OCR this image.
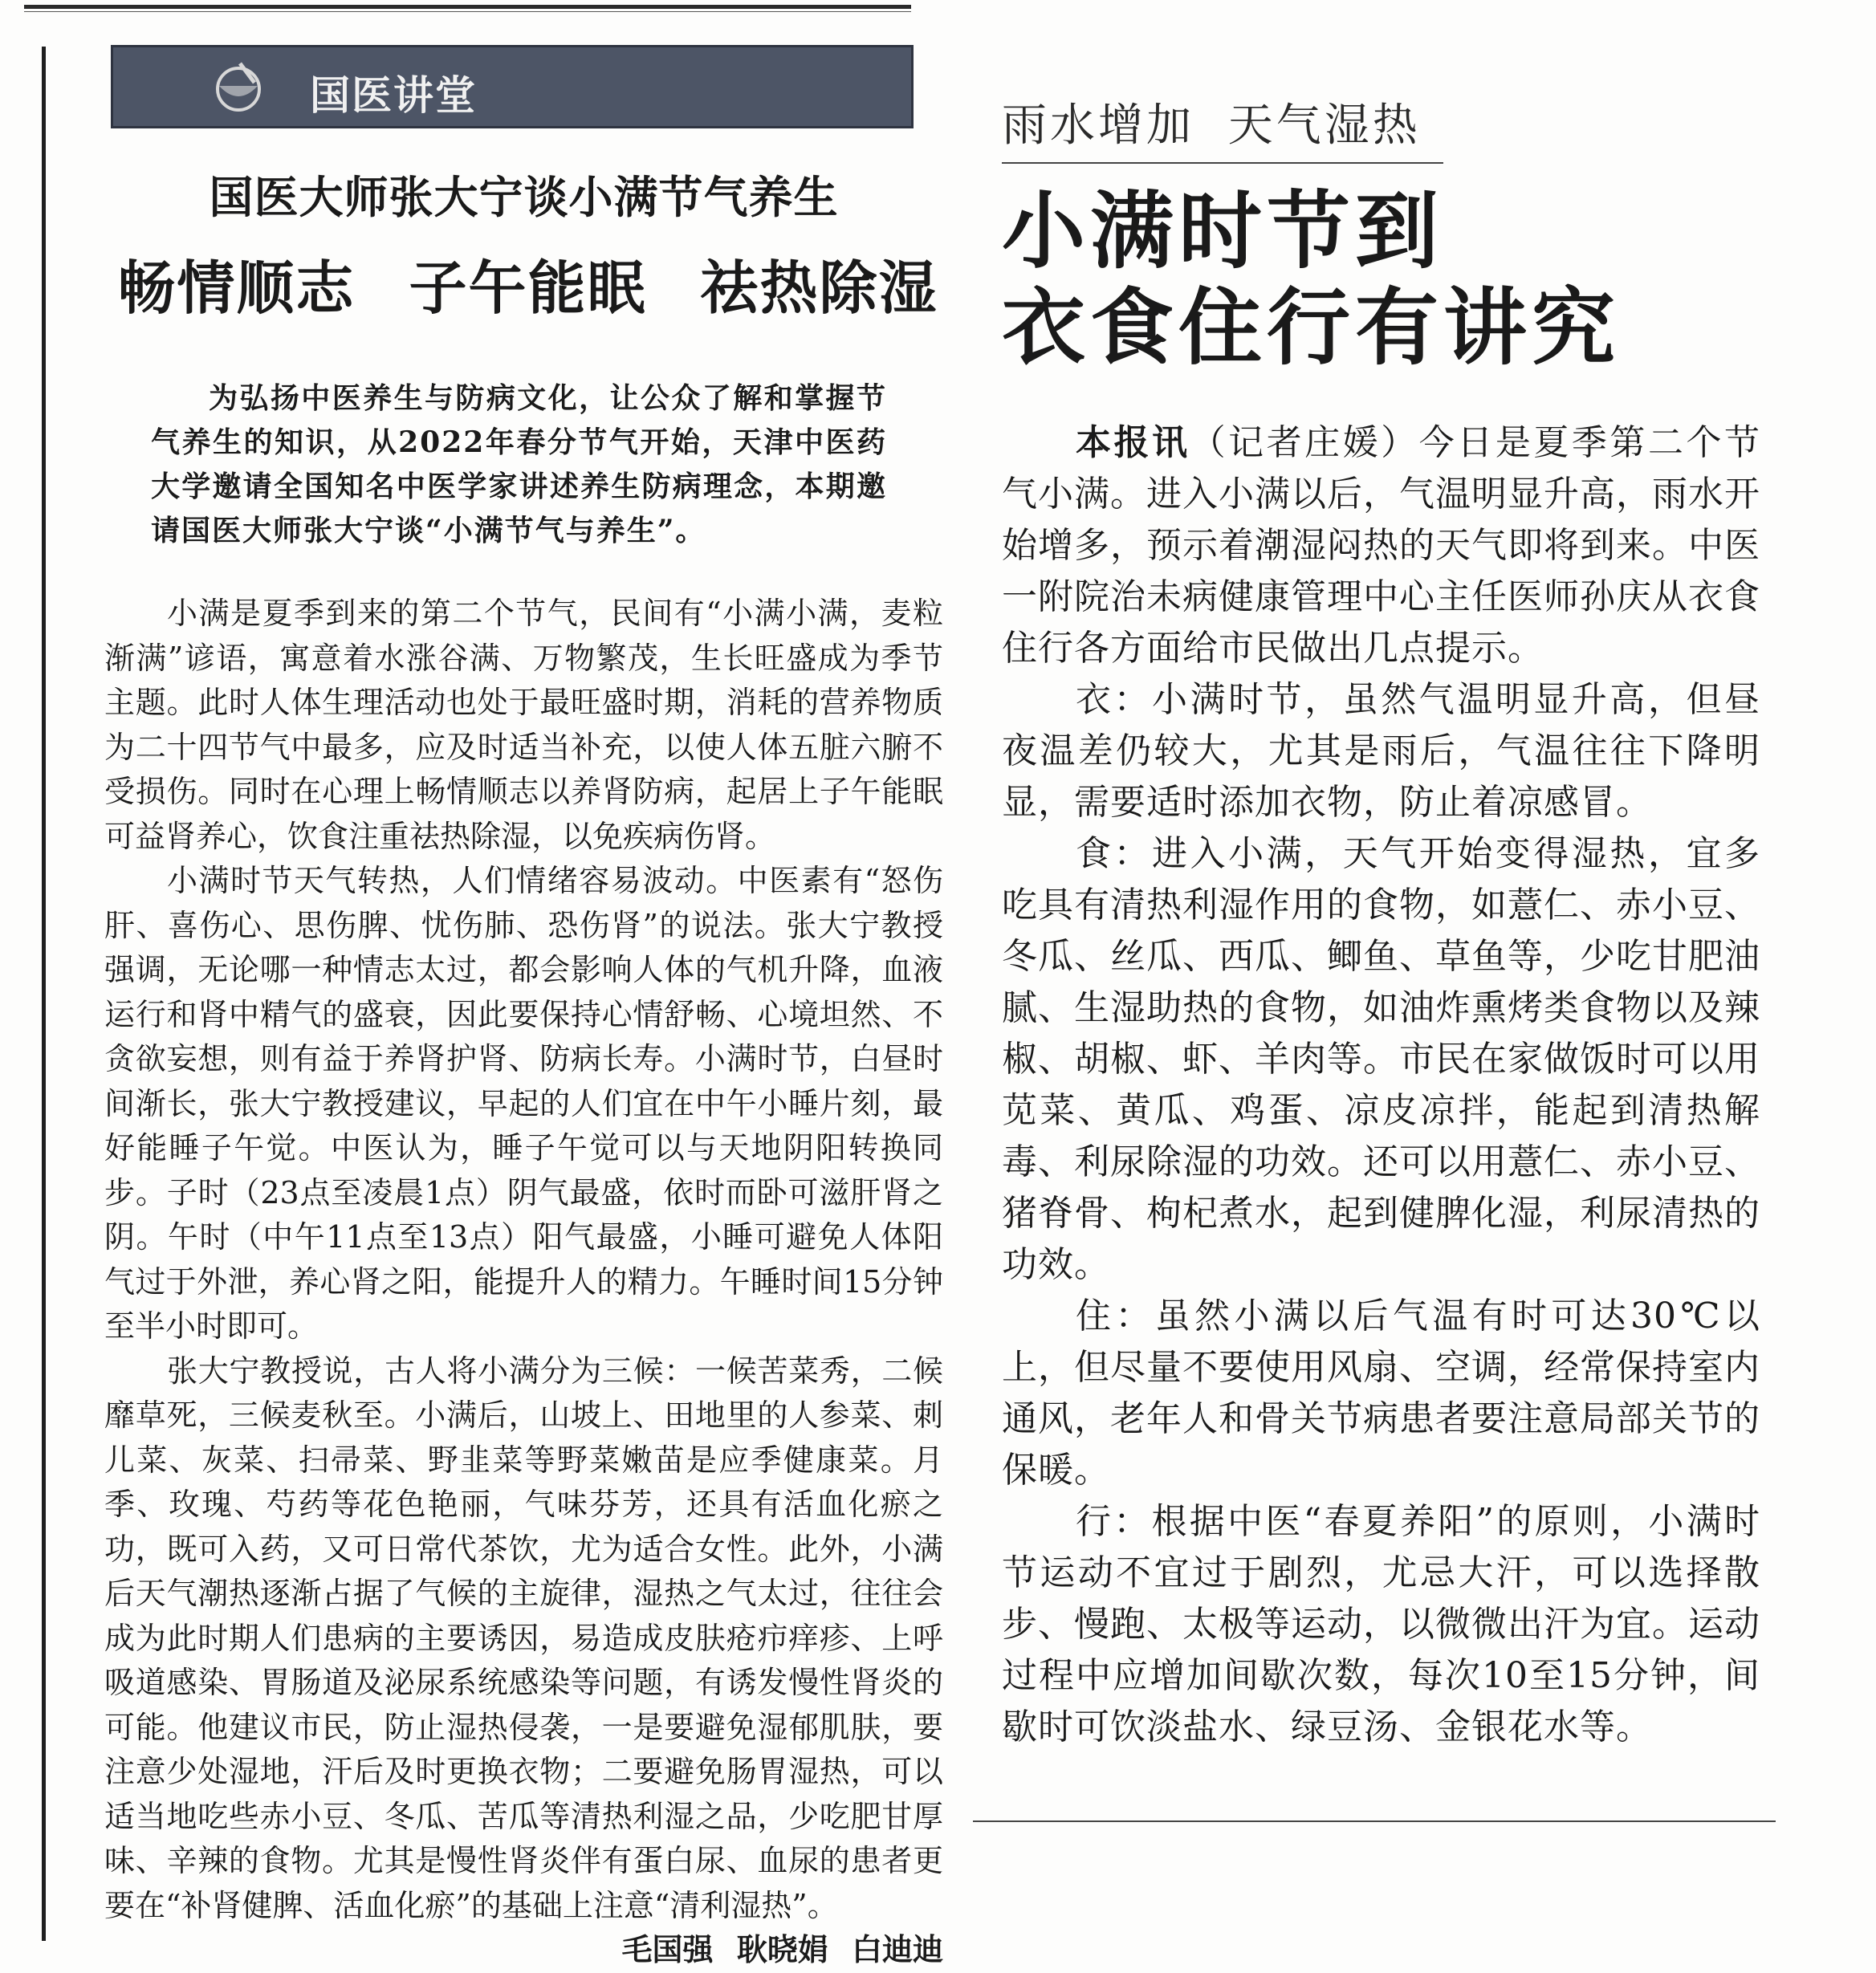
国医讲堂
国医大师张大宁谈小满节气养生
畅情顺志 子午能眠 祛热除湿
为弘扬中医养生与防病文化，让公众了解和掌握节气养生的知识，从2022年春分节气开始，天津中医药大学邀请全国知名中医学家讲述养生防病理念，本期邀请国医大师张大宁谈“小满节气与养生”。

小满是夏季到来的第二个节气，民间有“小满小满，麦粒渐满”谚语，寓意着水涨谷满、万物繁茂，生长旺盛成为季节主题。此时人体生理活动也处于最旺盛时期，消耗的营养物质为二十四节气中最多，应及时适当补充，以使人体五脏六腑不受损伤。同时在心理上畅情顺志以养肾防病，起居上子午能眠可益肾养心，饮食注重祛热除湿，以免疾病伤肾。

小满时节天气转热，人们情绪容易波动。中医素有“怒伤肝、喜伤心、思伤脾、忧伤肺、恐伤肾”的说法。张大宁教授强调，无论哪一种情志太过，都会影响人体的气机升降，血液运行和肾中精气的盛衰，因此要保持心情舒畅、心境坦然、不贪欲妄想，则有益于养肾护肾、防病长寿。小满时节，白昼时间渐长，张大宁教授建议，早起的人们宜在中午小睡片刻，最好能睡子午觉。中医认为，睡子午觉可以与天地阴阳转换同步。子时（23点至凌晨1点）阴气最盛，依时而卧可滋肝肾之阴。午时（中午11点至13点）阳气最盛，小睡可避免人体阳气过于外泄，养心肾之阳，能提升人的精力。午睡时间15分钟至半小时即可。

张大宁教授说，古人将小满分为三候：一候苦菜秀，二候靡草死，三候麦秋至。小满后，山坡上、田地里的人参菜、刺儿菜、灰菜、扫帚菜、野韭菜等野菜嫩苗是应季健康菜。月季、玫瑰、芍药等花色艳丽，气味芬芳，还具有活血化瘀之功，既可入药，又可日常代茶饮，尤为适合女性。此外，小满后天气潮热逐渐占据了气候的主旋律，湿热之气太过，往往会成为此时期人们患病的主要诱因，易造成皮肤疮疖痒疹、上呼吸道感染、胃肠道及泌尿系统感染等问题，有诱发慢性肾炎的可能。他建议市民，防止湿热侵袭，一是要避免湿郁肌肤，要注意少处湿地，汗后及时更换衣物；二要避免肠胃湿热，可以适当地吃些赤小豆、冬瓜、苦瓜等清热利湿之品，少吃肥甘厚味、辛辣的食物。尤其是慢性肾炎伴有蛋白尿、血尿的患者更要在“补肾健脾、活血化瘀”的基础上注意“清利湿热”。
毛国强 耿晓娟 白迪迪

雨水增加 天气湿热
小满时节到
衣食住行有讲究

本报讯（记者庄媛）今日是夏季第二个节气小满。进入小满以后，气温明显升高，雨水开始增多，预示着潮湿闷热的天气即将到来。中医一附院治未病健康管理中心主任医师孙庆从衣食住行各方面给市民做出几点提示。

衣：小满时节，虽然气温明显升高，但昼夜温差仍较大，尤其是雨后，气温往往下降明显，需要适时添加衣物，防止着凉感冒。

食：进入小满，天气开始变得湿热，宜多吃具有清热利湿作用的食物，如薏仁、赤小豆、冬瓜、丝瓜、西瓜、鲫鱼、草鱼等，少吃甘肥油腻、生湿助热的食物，如油炸熏烤类食物以及辣椒、胡椒、虾、羊肉等。市民在家做饭时可以用苋菜、黄瓜、鸡蛋、凉皮凉拌，能起到清热解毒、利尿除湿的功效。还可以用薏仁、赤小豆、猪脊骨、枸杞煮水，起到健脾化湿，利尿清热的功效。

住：虽然小满以后气温有时可达30℃以上，但尽量不要使用风扇、空调，经常保持室内通风，老年人和骨关节病患者要注意局部关节的保暖。

行：根据中医“春夏养阳”的原则，小满时节运动不宜过于剧烈，尤忌大汗，可以选择散步、慢跑、太极等运动，以微微出汗为宜。运动过程中应增加间歇次数，每次10至15分钟，间歇时可饮淡盐水、绿豆汤、金银花水等。
